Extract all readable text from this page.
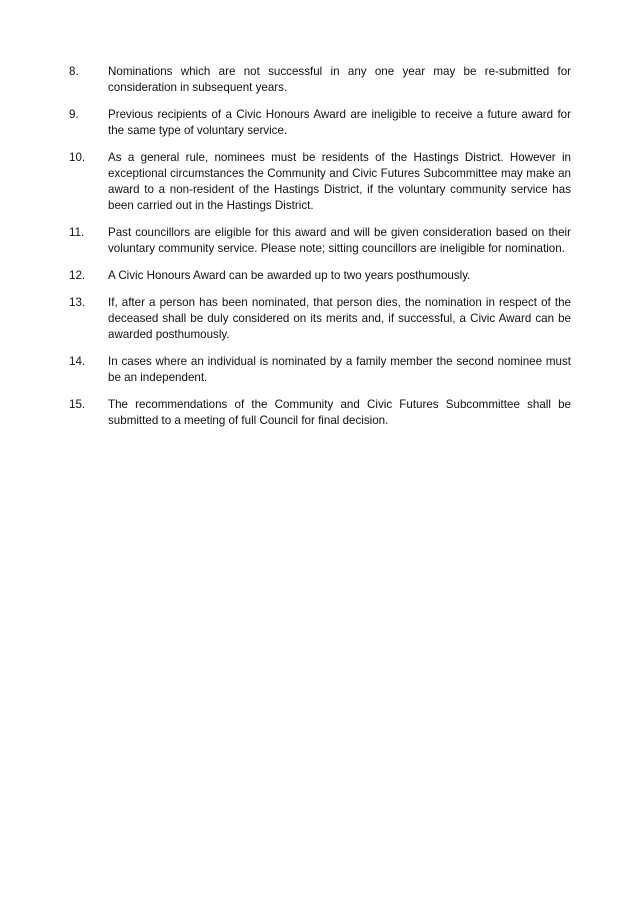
8.	Nominations which are not successful in any one year may be re-submitted for consideration in subsequent years.
9.	Previous recipients of a Civic Honours Award are ineligible to receive a future award for the same type of voluntary service.
10.	As a general rule, nominees must be residents of the Hastings District. However in exceptional circumstances the Community and Civic Futures Subcommittee may make an award to a non-resident of the Hastings District, if the voluntary community service has been carried out in the Hastings District.
11.	Past councillors are eligible for this award and will be given consideration based on their voluntary community service. Please note; sitting councillors are ineligible for nomination.
12.	A Civic Honours Award can be awarded up to two years posthumously.
13.	If, after a person has been nominated, that person dies, the nomination in respect of the deceased shall be duly considered on its merits and, if successful, a Civic Award can be awarded posthumously.
14.	In cases where an individual is nominated by a family member the second nominee must be an independent.
15.	The recommendations of the Community and Civic Futures Subcommittee shall be submitted to a meeting of full Council for final decision.
